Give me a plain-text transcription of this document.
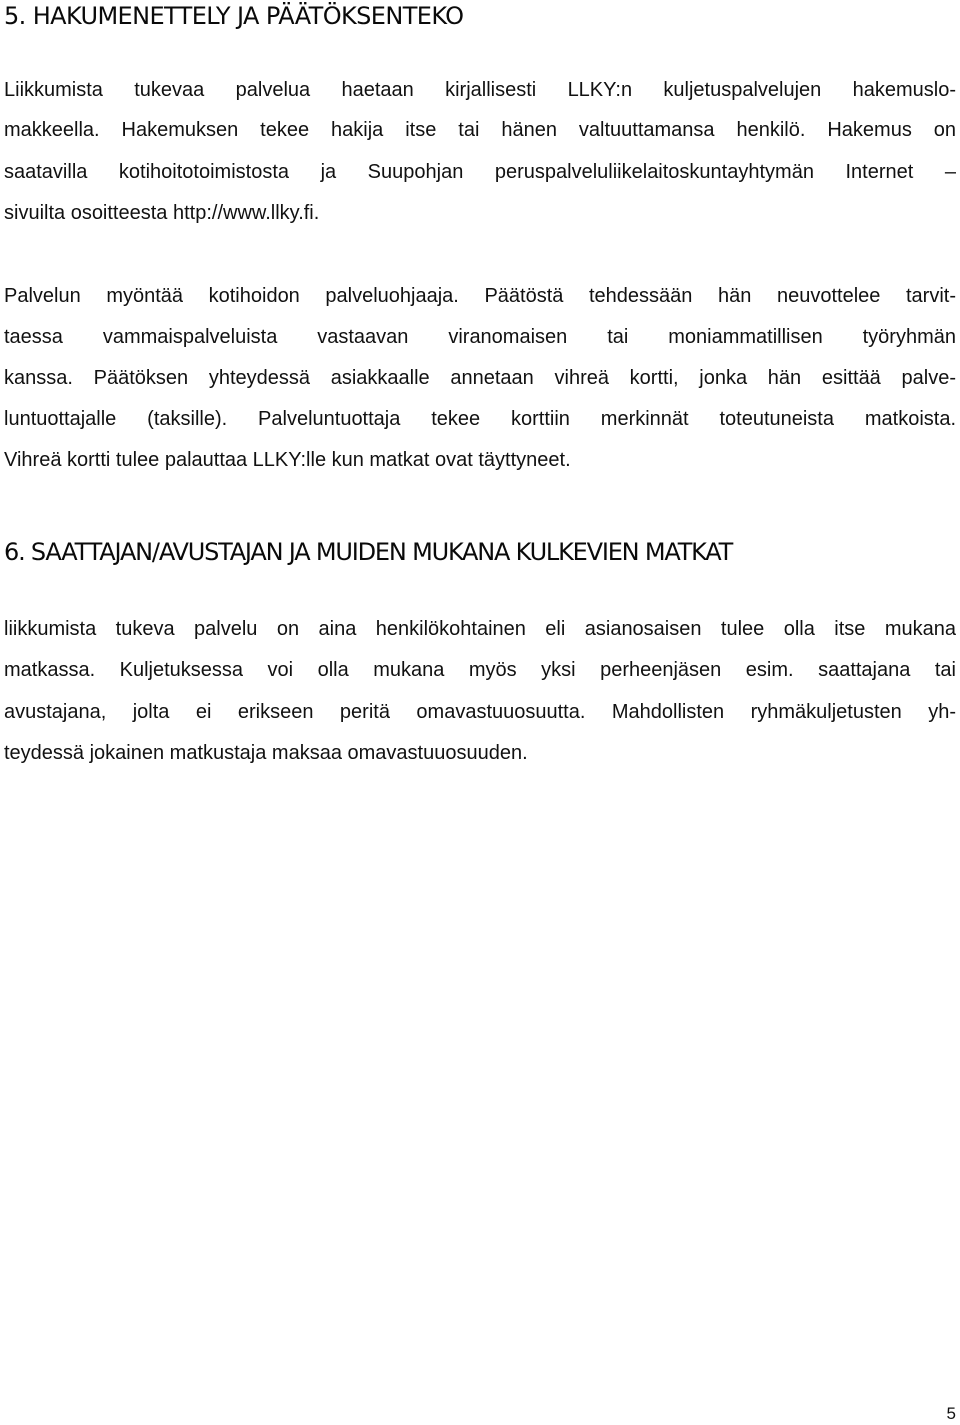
5. HAKUMENETTELY JA PÄÄTÖKSENTEKO

Liikkumista tukevaa palvelua haetaan kirjallisesti LLKY:n kuljetuspalvelujen hakemuslo-

makkeella. Hakemuksen tekee hakija itse tai hänen valtuuttamansa henkilö. Hakemus on

saatavilla kotihoitotoimistosta ja Suupohjan peruspalveluliikelaitoskuntayhtymän Internet –

sivuilta osoitteesta http://www.llky.fi.

Palvelun myöntää kotihoidon palveluohjaaja. Päätöstä tehdessään hän neuvottelee tarvit-

taessa vammaispalveluista vastaavan viranomaisen tai moniammatillisen työryhmän

kanssa. Päätöksen yhteydessä asiakkaalle annetaan vihreä kortti, jonka hän esittää palve-

luntuottajalle (taksille). Palveluntuottaja tekee korttiin merkinnät toteutuneista matkoista.

Vihreä kortti tulee palauttaa LLKY:lle kun matkat ovat täyttyneet.

6. SAATTAJAN/AVUSTAJAN JA MUIDEN MUKANA KULKEVIEN MATKAT

liikkumista tukeva palvelu on aina henkilökohtainen eli asianosaisen tulee olla itse mukana

matkassa. Kuljetuksessa voi olla mukana myös yksi perheenjäsen esim. saattajana tai

avustajana, jolta ei erikseen peritä omavastuuosuutta. Mahdollisten ryhmäkuljetusten yh-

teydessä jokainen matkustaja maksaa omavastuuosuuden.

5
